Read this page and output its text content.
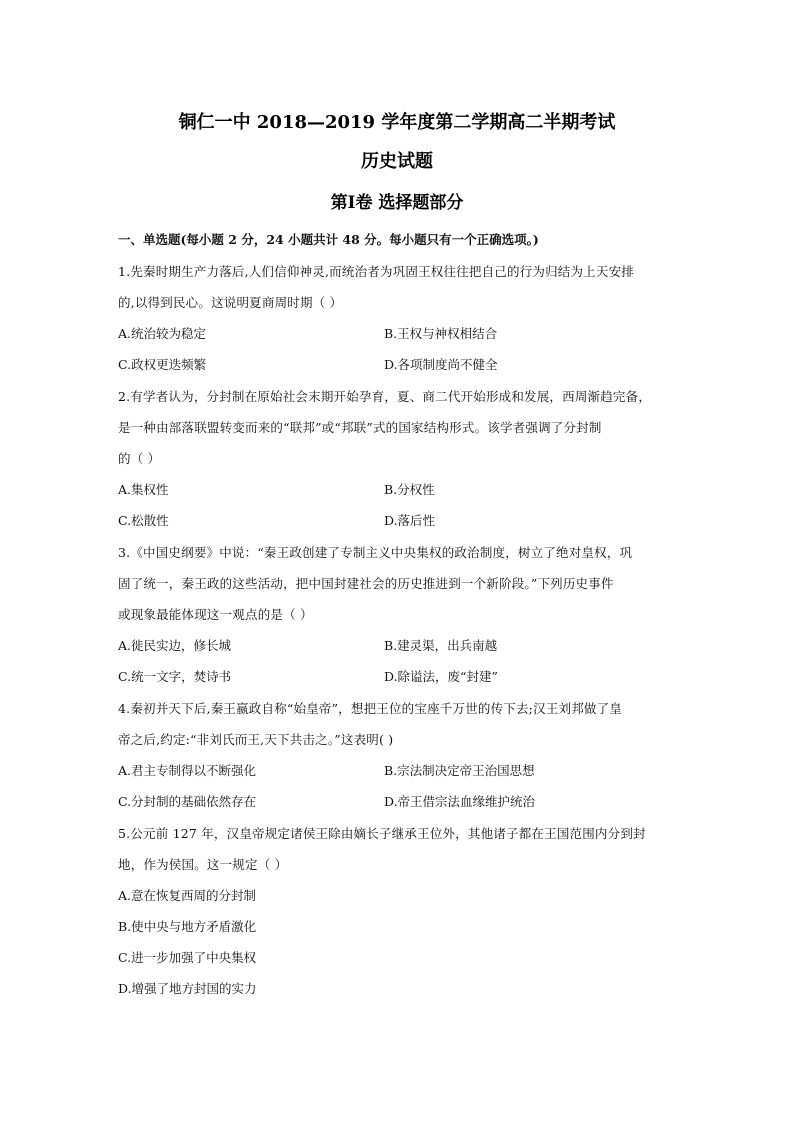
铜仁一中 2018—2019 学年度第二学期高二半期考试
历史试题
第Ⅰ卷 选择题部分
一、单选题(每小题 2 分，24 小题共计 48 分。每小题只有一个正确选项。)
1.先秦时期生产力落后,人们信仰神灵,而统治者为巩固王权往往把自己的行为归结为上天安排
的,以得到民心。这说明夏商周时期（ ）
A.统治较为稳定	B.王权与神权相结合
C.政权更迭频繁	D.各项制度尚不健全
2.有学者认为，分封制在原始社会末期开始孕育，夏、商二代开始形成和发展，西周渐趋完备，
是一种由部落联盟转变而来的“联邦”或“邦联”式的国家结构形式。该学者强调了分封制
的（ ）
A.集权性	B.分权性
C.松散性	D.落后性
3.《中国史纲要》中说：“秦王政创建了专制主义中央集权的政治制度，树立了绝对皇权，巩
固了统一，秦王政的这些活动，把中国封建社会的历史推进到一个新阶段。”下列历史事件
或现象最能体现这一观点的是（ ）
A.徙民实边，修长城	B.建灵渠，出兵南越
C.统一文字，焚诗书	D.除谥法，废“封建”
4.秦初并天下后,秦王嬴政自称“始皇帝”，想把王位的宝座千万世的传下去;汉王刘邦做了皇
帝之后,约定:“非刘氏而王,天下共击之。”这表明( )
A.君主专制得以不断强化	B.宗法制决定帝王治国思想
C.分封制的基础依然存在	D.帝王借宗法血缘维护统治
5.公元前 127 年，汉皇帝规定诸侯王除由嫡长子继承王位外，其他诸子都在王国范围内分到封
地，作为侯国。这一规定（ ）
A.意在恢复西周的分封制
B.使中央与地方矛盾激化
C.进一步加强了中央集权
D.增强了地方封国的实力
